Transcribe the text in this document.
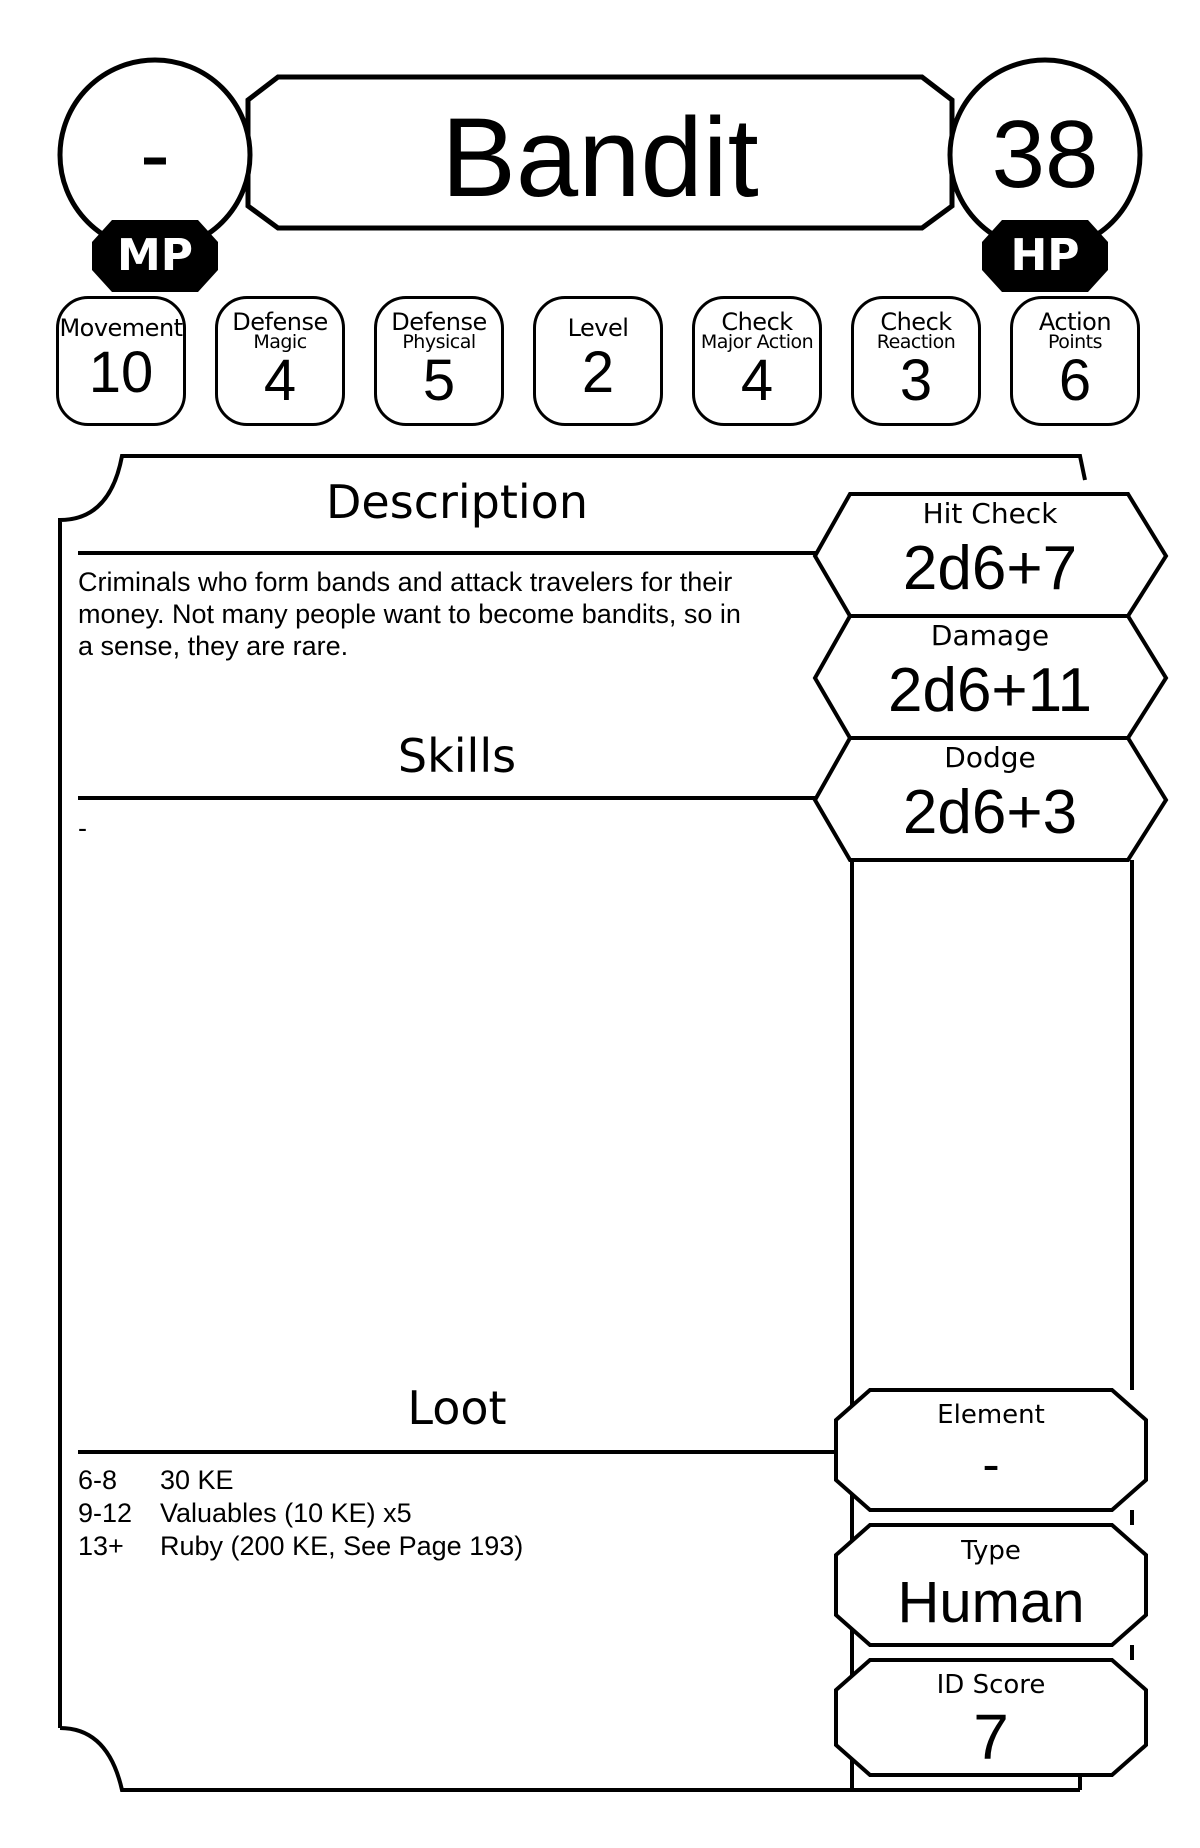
Bandit
-	38
MP	HP
Movement
10
Defense
Magic
4
Defense
Physical
5
Level
2
Check
Major Action
4
Check
Reaction
3
Action
Points
6
Description
Criminals who form bands and attack travelers for their
money. Not many people want to become bandits, so in
a sense, they are rare.
Skills
-
Loot
6-8	30 KE
9-12	Valuables (10 KE) x5
13+	Ruby (200 KE, See Page 193)
Hit Check
2d6+7
Damage
2d6+11
Dodge
2d6+3
Element
-
Type
Human
ID Score
7
